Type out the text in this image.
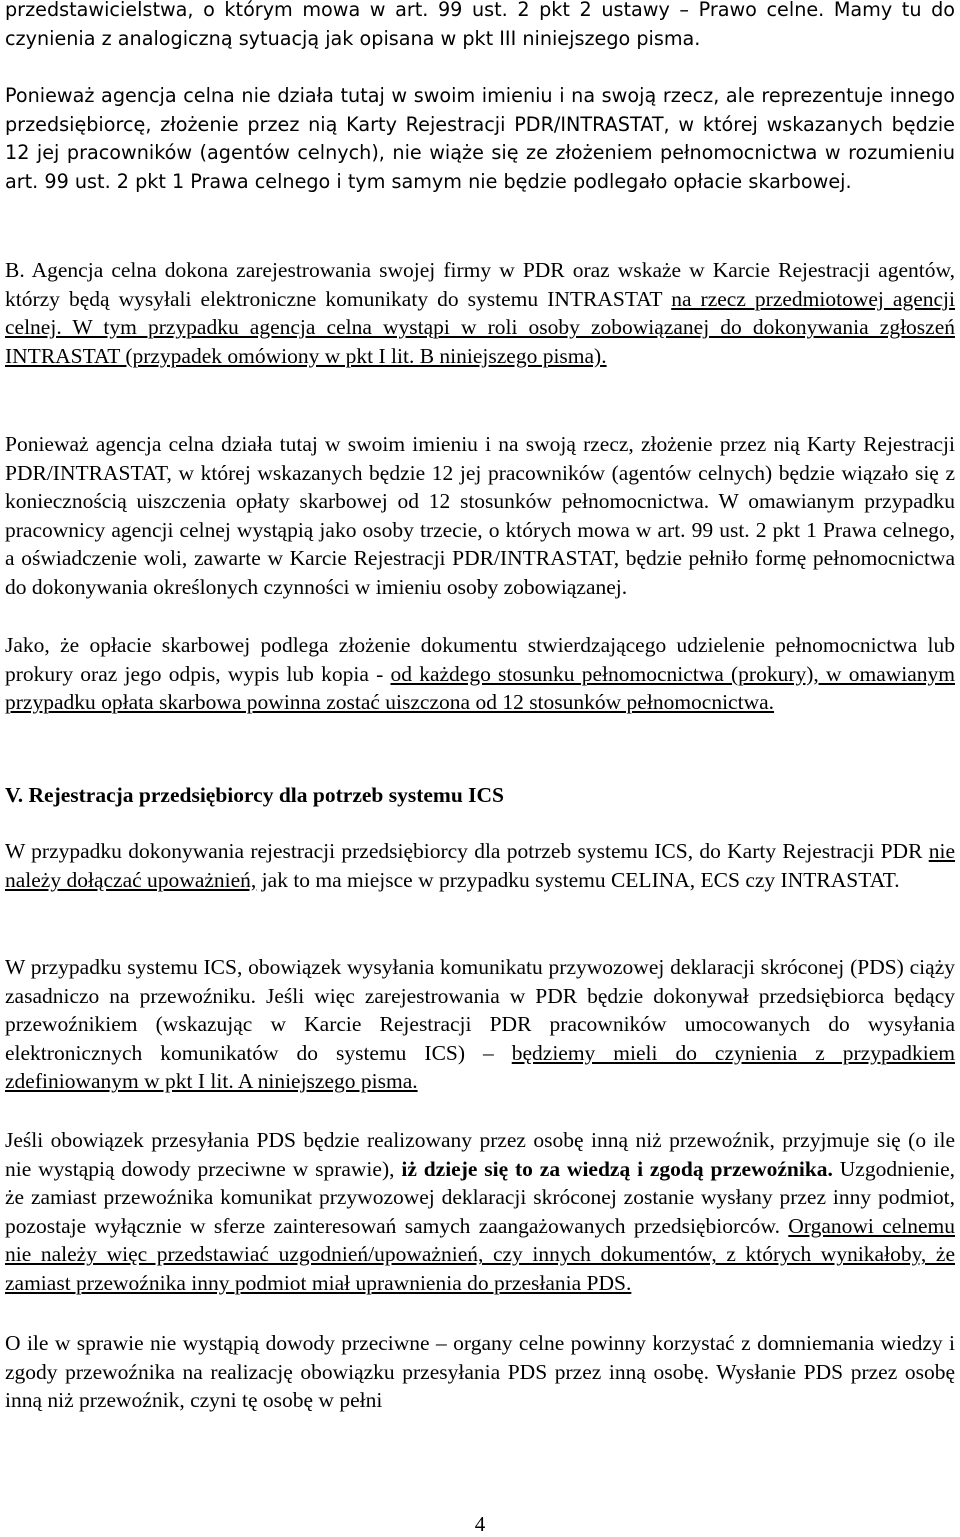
przedstawicielstwa, o którym mowa w art. 99 ust. 2 pkt 2 ustawy – Prawo celne. Mamy tu do czynienia z analogiczną sytuacją jak opisana w pkt III niniejszego pisma.

Ponieważ agencja celna nie działa tutaj w swoim imieniu i na swoją rzecz, ale reprezentuje innego przedsiębiorcę, złożenie przez nią Karty Rejestracji PDR/INTRASTAT, w której wskazanych będzie 12 jej pracowników (agentów celnych), nie wiąże się ze złożeniem pełnomocnictwa w rozumieniu art. 99 ust. 2 pkt 1 Prawa celnego i tym samym nie będzie podlegało opłacie skarbowej.

B. Agencja celna dokona zarejestrowania swojej firmy w PDR oraz wskaże w Karcie Rejestracji agentów, którzy będą wysyłali elektroniczne komunikaty do systemu INTRASTAT na rzecz przedmiotowej agencji celnej. W tym przypadku agencja celna wystąpi w roli osoby zobowiązanej do dokonywania zgłoszeń INTRASTAT (przypadek omówiony w pkt I lit. B niniejszego pisma).

Ponieważ agencja celna działa tutaj w swoim imieniu i na swoją rzecz, złożenie przez nią Karty Rejestracji PDR/INTRASTAT, w której wskazanych będzie 12 jej pracowników (agentów celnych) będzie wiązało się z koniecznością uiszczenia opłaty skarbowej od 12 stosunków pełnomocnictwa. W omawianym przypadku pracownicy agencji celnej wystąpią jako osoby trzecie, o których mowa w art. 99 ust. 2 pkt 1 Prawa celnego, a oświadczenie woli, zawarte w Karcie Rejestracji PDR/INTRASTAT, będzie pełniło formę pełnomocnictwa do dokonywania określonych czynności w imieniu osoby zobowiązanej.

Jako, że opłacie skarbowej podlega złożenie dokumentu stwierdzającego udzielenie pełnomocnictwa lub prokury oraz jego odpis, wypis lub kopia - od każdego stosunku pełnomocnictwa (prokury), w omawianym przypadku opłata skarbowa powinna zostać uiszczona od 12 stosunków pełnomocnictwa.

V. Rejestracja przedsiębiorcy dla potrzeb systemu ICS

W przypadku dokonywania rejestracji przedsiębiorcy dla potrzeb systemu ICS, do Karty Rejestracji PDR nie należy dołączać upoważnień, jak to ma miejsce w przypadku systemu CELINA, ECS czy INTRASTAT.

W przypadku systemu ICS, obowiązek wysyłania komunikatu przywozowej deklaracji skróconej (PDS) ciąży zasadniczo na przewoźniku. Jeśli więc zarejestrowania w PDR będzie dokonywał przedsiębiorca będący przewoźnikiem (wskazując w Karcie Rejestracji PDR pracowników umocowanych do wysyłania elektronicznych komunikatów do systemu ICS) – będziemy mieli do czynienia z przypadkiem zdefiniowanym w pkt I lit. A niniejszego pisma.

Jeśli obowiązek przesyłania PDS będzie realizowany przez osobę inną niż przewoźnik, przyjmuje się (o ile nie wystąpią dowody przeciwne w sprawie), iż dzieje się to za wiedzą i zgodą przewoźnika. Uzgodnienie, że zamiast przewoźnika komunikat przywozowej deklaracji skróconej zostanie wysłany przez inny podmiot, pozostaje wyłącznie w sferze zainteresowań samych zaangażowanych przedsiębiorców. Organowi celnemu nie należy więc przedstawiać uzgodnień/upoważnień, czy innych dokumentów, z których wynikałoby, że zamiast przewoźnika inny podmiot miał uprawnienia do przesłania PDS.

O ile w sprawie nie wystąpią dowody przeciwne – organy celne powinny korzystać z domniemania wiedzy i zgody przewoźnika na realizację obowiązku przesyłania PDS przez inną osobę. Wysłanie PDS przez osobę inną niż przewoźnik, czyni tę osobę w pełni

4
